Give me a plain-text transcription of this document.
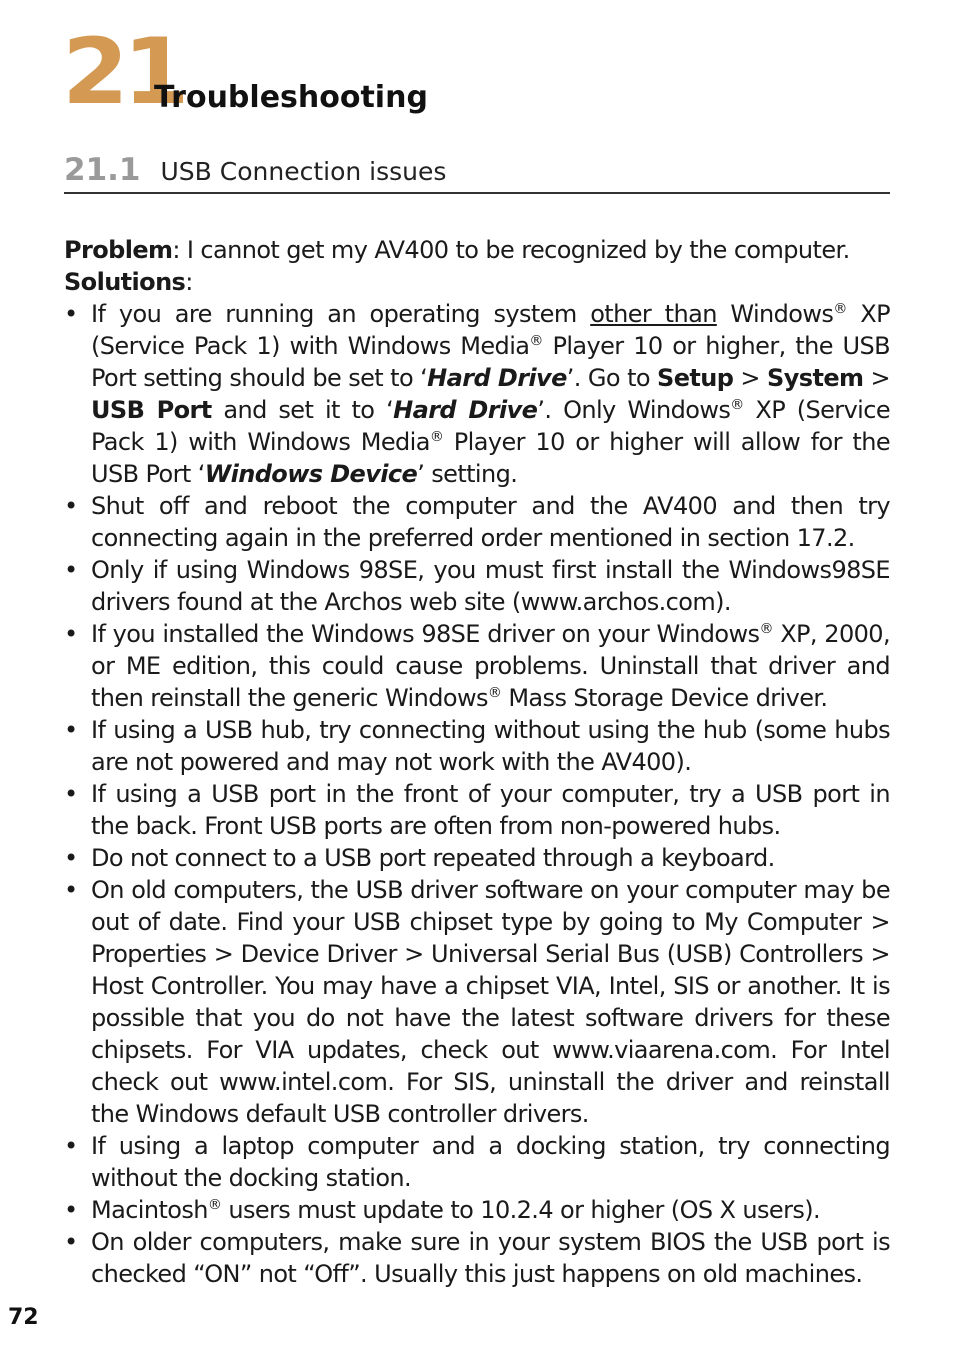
21
Troubleshooting
21.1 USB Connection issues

Problem: I cannot get my AV400 to be recognized by the computer.

Solutions:

• If you are running an operating system other than Windows® XP (Service Pack 1) with Windows Media® Player 10 or higher, the USB Port setting should be set to ‘Hard Drive’. Go to Setup > System > USB Port and set it to ‘Hard Drive’. Only Windows® XP (Service Pack 1) with Windows Media® Player 10 or higher will allow for the USB Port ‘Windows Device’ setting.
• Shut off and reboot the computer and the AV400 and then try connecting again in the preferred order mentioned in section 17.2.
• Only if using Windows 98SE, you must first install the Windows98SE drivers found at the Archos web site (www.archos.com).
• If you installed the Windows 98SE driver on your Windows® XP, 2000, or ME edition, this could cause problems. Uninstall that driver and then reinstall the generic Windows® Mass Storage Device driver.
• If using a USB hub, try connecting without using the hub (some hubs are not powered and may not work with the AV400).
• If using a USB port in the front of your computer, try a USB port in the back. Front USB ports are often from non-powered hubs.
• Do not connect to a USB port repeated through a keyboard.
• On old computers, the USB driver software on your computer may be out of date. Find your USB chipset type by going to My Computer > Properties > Device Driver > Universal Serial Bus (USB) Controllers > Host Controller. You may have a chipset VIA, Intel, SIS or another. It is possible that you do not have the latest software drivers for these chipsets. For VIA updates, check out www.viaarena.com. For Intel check out www.intel.com. For SIS, uninstall the driver and reinstall the Windows default USB controller drivers.
• If using a laptop computer and a docking station, try connecting without the docking station.
• Macintosh® users must update to 10.2.4 or higher (OS X users).
• On older computers, make sure in your system BIOS the USB port is checked “ON” not “Off”. Usually this just happens on old machines.
72
